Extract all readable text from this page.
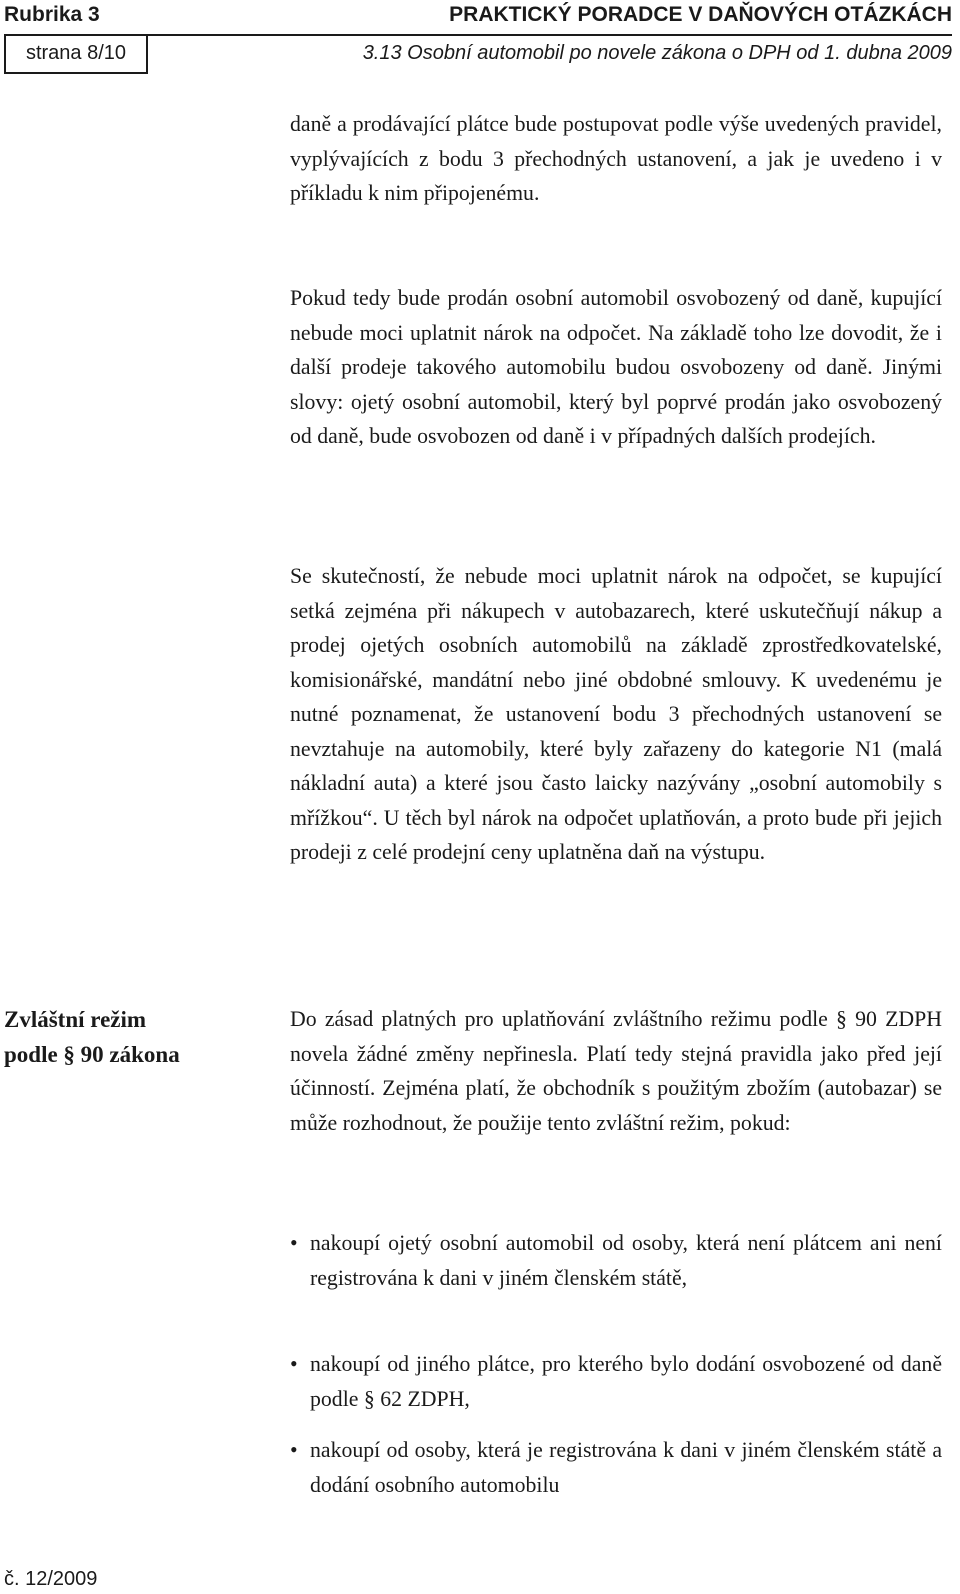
Rubrika 3	PRAKTICKÝ PORADCE V DAŇOVÝCH OTÁZKÁCH
strana 8/10	3.13 Osobní automobil po novele zákona o DPH od 1. dubna 2009

daně a prodávající plátce bude postupovat podle výše uvedených pravidel, vyplývajících z bodu 3 přechodných ustanovení, a jak je uvedeno i v příkladu k nim připojenému.

Pokud tedy bude prodán osobní automobil osvobozený od daně, kupující nebude moci uplatnit nárok na odpočet. Na základě toho lze dovodit, že i další prodeje takového automobilu budou osvobozeny od daně. Jinými slovy: ojetý osobní automobil, který byl poprvé prodán jako osvobozený od daně, bude osvobozen od daně i v případných dalších prodejích.

Se skutečností, že nebude moci uplatnit nárok na odpočet, se kupující setká zejména při nákupech v autobazarech, které uskutečňují nákup a prodej ojetých osobních automobilů na základě zprostředkovatelské, komisionářské, mandátní nebo jiné obdobné smlouvy. K uvedenému je nutné poznamenat, že ustanovení bodu 3 přechodných ustanovení se nevztahuje na automobily, které byly zařazeny do kategorie N1 (malá nákladní auta) a které jsou často laicky nazývány „osobní automobily s mřížkou“. U těch byl nárok na odpočet uplatňován, a proto bude při jejich prodeji z celé prodejní ceny uplatněna daň na výstupu.

Zvláštní režim
podle § 90 zákona

Do zásad platných pro uplatňování zvláštního režimu podle § 90 ZDPH novela žádné změny nepřinesla. Platí tedy stejná pravidla jako před její účinností. Zejména platí, že obchodník s použitým zbožím (autobazar) se může rozhodnout, že použije tento zvláštní režim, pokud:

• nakoupí ojetý osobní automobil od osoby, která není plátcem ani není registrována k dani v jiném členském státě,
• nakoupí od jiného plátce, pro kterého bylo dodání osvobozené od daně podle § 62 ZDPH,
• nakoupí od osoby, která je registrována k dani v jiném členském státě a dodání osobního automobilu
č. 12/2009
